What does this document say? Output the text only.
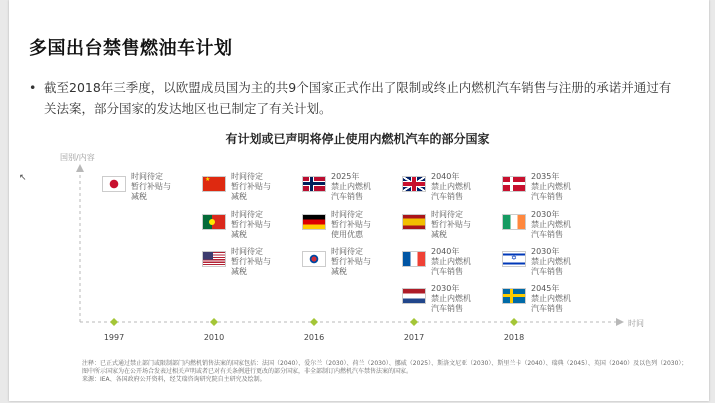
多国出台禁售燃油车计划
• 截至2018年三季度，以欧盟成员国为主的共9个国家正式作出了限制或终止内燃机汽车销售与注册的承诺并通过有关法案，部分国家的发达地区也已制定了有关计划。
有计划或已声明将停止使用内燃机汽车的部分国家
↖
国别/内容
时间
时间待定
暂行补贴与
减税
★	时间待定
暂行补贴与
减税
时间待定
暂行补贴与
减税
时间待定
暂行补贴与
减税
2025年
禁止内燃机
汽车销售
时间待定
暂行补贴与
使用优惠
时间待定
暂行补贴与
减税
2040年
禁止内燃机
汽车销售
时间待定
暂行补贴与
减税
2040年
禁止内燃机
汽车销售
2030年
禁止内燃机
汽车销售
2035年
禁止内燃机
汽车销售
2030年
禁止内燃机
汽车销售
✡
2030年
禁止内燃机
汽车销售
2045年
禁止内燃机
汽车销售
1997	2010	2016	2017	2018
注释：已正式通过禁止部门或限制部门内燃机销售法案的国家包括：法国（2040）、爱尔兰（2030）、荷兰（2030）、挪威（2025）、斯洛文尼亚（2030）、斯里兰卡（2040）、瑞典（2045）、英国（2040）及以色列（2030）；图中所示国家为在公开场合发表过相关声明或者已对有关条例进行更改的部分国家，非全部制订内燃机汽车禁售法案的国家。
来源：IEA、各国政府公开资料，经艾瑞咨询研究院自主研究及绘制。
